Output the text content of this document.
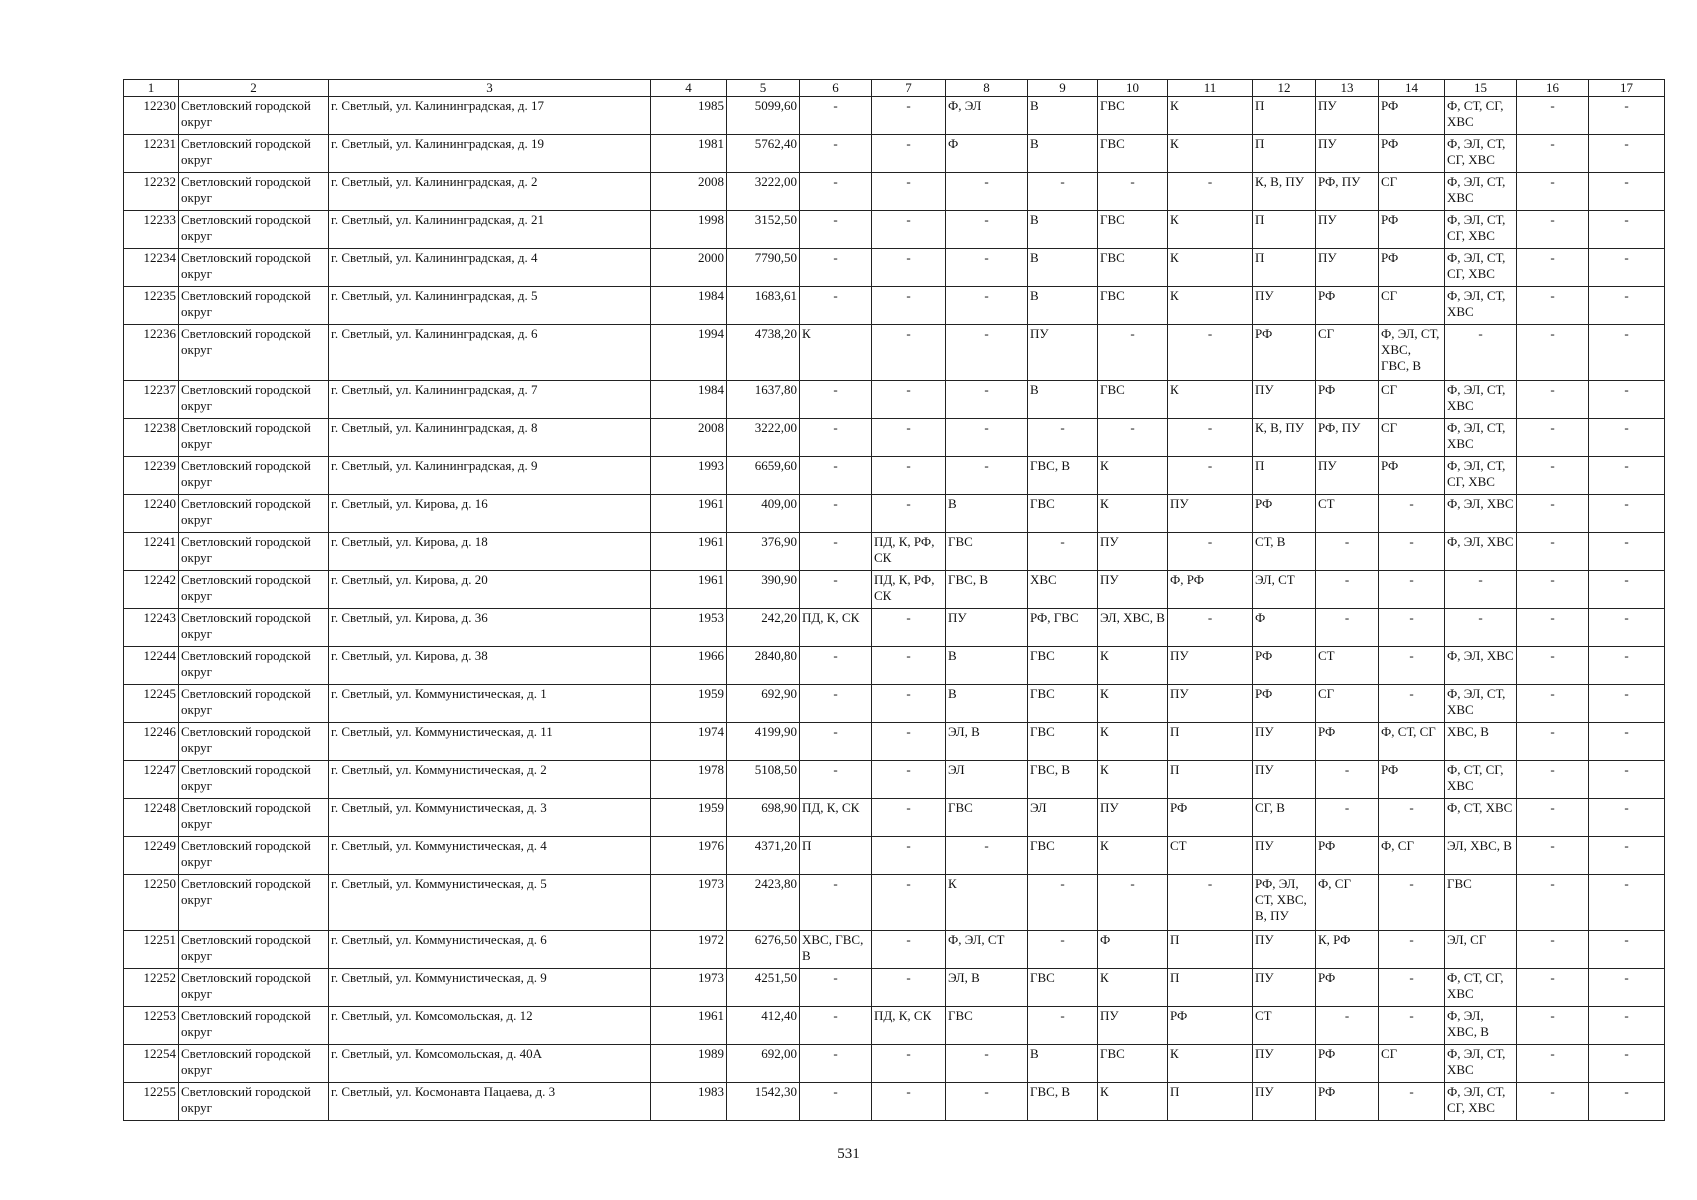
1	2	3	4	5	6	7	8	9	10	11	12	13	14	15	16	17
12230	Светловский городской округ	г. Светлый, ул. Калининградская, д. 17	1985	5099,60	-	-	Ф, ЭЛ	В	ГВС	К	П	ПУ	РФ	Ф, СТ, СГ, ХВС	-	-
12231	Светловский городской округ	г. Светлый, ул. Калининградская, д. 19	1981	5762,40	-	-	Ф	В	ГВС	К	П	ПУ	РФ	Ф, ЭЛ, СТ, СГ, ХВС	-	-
12232	Светловский городской округ	г. Светлый, ул. Калининградская, д. 2	2008	3222,00	-	-	-	-	-	-	К, В, ПУ	РФ, ПУ	СГ	Ф, ЭЛ, СТ, ХВС	-	-
12233	Светловский городской округ	г. Светлый, ул. Калининградская, д. 21	1998	3152,50	-	-	-	В	ГВС	К	П	ПУ	РФ	Ф, ЭЛ, СТ, СГ, ХВС	-	-
12234	Светловский городской округ	г. Светлый, ул. Калининградская, д. 4	2000	7790,50	-	-	-	В	ГВС	К	П	ПУ	РФ	Ф, ЭЛ, СТ, СГ, ХВС	-	-
12235	Светловский городской округ	г. Светлый, ул. Калининградская, д. 5	1984	1683,61	-	-	-	В	ГВС	К	ПУ	РФ	СГ	Ф, ЭЛ, СТ, ХВС	-	-
12236	Светловский городской округ	г. Светлый, ул. Калининградская, д. 6	1994	4738,20	К	-	-	ПУ	-	-	РФ	СГ	Ф, ЭЛ, СТ, ХВС, ГВС, В	-	-	-
12237	Светловский городской округ	г. Светлый, ул. Калининградская, д. 7	1984	1637,80	-	-	-	В	ГВС	К	ПУ	РФ	СГ	Ф, ЭЛ, СТ, ХВС	-	-
12238	Светловский городской округ	г. Светлый, ул. Калининградская, д. 8	2008	3222,00	-	-	-	-	-	-	К, В, ПУ	РФ, ПУ	СГ	Ф, ЭЛ, СТ, ХВС	-	-
12239	Светловский городской округ	г. Светлый, ул. Калининградская, д. 9	1993	6659,60	-	-	-	ГВС, В	К	-	П	ПУ	РФ	Ф, ЭЛ, СТ, СГ, ХВС	-	-
12240	Светловский городской округ	г. Светлый, ул. Кирова, д. 16	1961	409,00	-	-	В	ГВС	К	ПУ	РФ	СТ	-	Ф, ЭЛ, ХВС	-	-
12241	Светловский городской округ	г. Светлый, ул. Кирова, д. 18	1961	376,90	-	ПД, К, РФ, СК	ГВС	-	ПУ	-	СТ, В	-	-	Ф, ЭЛ, ХВС	-	-
12242	Светловский городской округ	г. Светлый, ул. Кирова, д. 20	1961	390,90	-	ПД, К, РФ, СК	ГВС, В	ХВС	ПУ	Ф, РФ	ЭЛ, СТ	-	-	-	-	-
12243	Светловский городской округ	г. Светлый, ул. Кирова, д. 36	1953	242,20	ПД, К, СК	-	ПУ	РФ, ГВС	ЭЛ, ХВС, В	-	Ф	-	-	-	-	-
12244	Светловский городской округ	г. Светлый, ул. Кирова, д. 38	1966	2840,80	-	-	В	ГВС	К	ПУ	РФ	СТ	-	Ф, ЭЛ, ХВС	-	-
12245	Светловский городской округ	г. Светлый, ул. Коммунистическая, д. 1	1959	692,90	-	-	В	ГВС	К	ПУ	РФ	СГ	-	Ф, ЭЛ, СТ, ХВС	-	-
12246	Светловский городской округ	г. Светлый, ул. Коммунистическая, д. 11	1974	4199,90	-	-	ЭЛ, В	ГВС	К	П	ПУ	РФ	Ф, СТ, СГ	ХВС, В	-	-
12247	Светловский городской округ	г. Светлый, ул. Коммунистическая, д. 2	1978	5108,50	-	-	ЭЛ	ГВС, В	К	П	ПУ	-	РФ	Ф, СТ, СГ, ХВС	-	-
12248	Светловский городской округ	г. Светлый, ул. Коммунистическая, д. 3	1959	698,90	ПД, К, СК	-	ГВС	ЭЛ	ПУ	РФ	СГ, В	-	-	Ф, СТ, ХВС	-	-
12249	Светловский городской округ	г. Светлый, ул. Коммунистическая, д. 4	1976	4371,20	П	-	-	ГВС	К	СТ	ПУ	РФ	Ф, СГ	ЭЛ, ХВС, В	-	-
12250	Светловский городской округ	г. Светлый, ул. Коммунистическая, д. 5	1973	2423,80	-	-	К	-	-	-	РФ, ЭЛ, СТ, ХВС, В, ПУ	Ф, СГ	-	ГВС	-	-
12251	Светловский городской округ	г. Светлый, ул. Коммунистическая, д. 6	1972	6276,50	ХВС, ГВС, В	-	Ф, ЭЛ, СТ	-	Ф	П	ПУ	К, РФ	-	ЭЛ, СГ	-	-
12252	Светловский городской округ	г. Светлый, ул. Коммунистическая, д. 9	1973	4251,50	-	-	ЭЛ, В	ГВС	К	П	ПУ	РФ	-	Ф, СТ, СГ, ХВС	-	-
12253	Светловский городской округ	г. Светлый, ул. Комсомольская, д. 12	1961	412,40	-	ПД, К, СК	ГВС	-	ПУ	РФ	СТ	-	-	Ф, ЭЛ, ХВС, В	-	-
12254	Светловский городской округ	г. Светлый, ул. Комсомольская, д. 40А	1989	692,00	-	-	-	В	ГВС	К	ПУ	РФ	СГ	Ф, ЭЛ, СТ, ХВС	-	-
12255	Светловский городской округ	г. Светлый, ул. Космонавта Пацаева, д. 3	1983	1542,30	-	-	-	ГВС, В	К	П	ПУ	РФ	-	Ф, ЭЛ, СТ, СГ, ХВС	-	-
531
